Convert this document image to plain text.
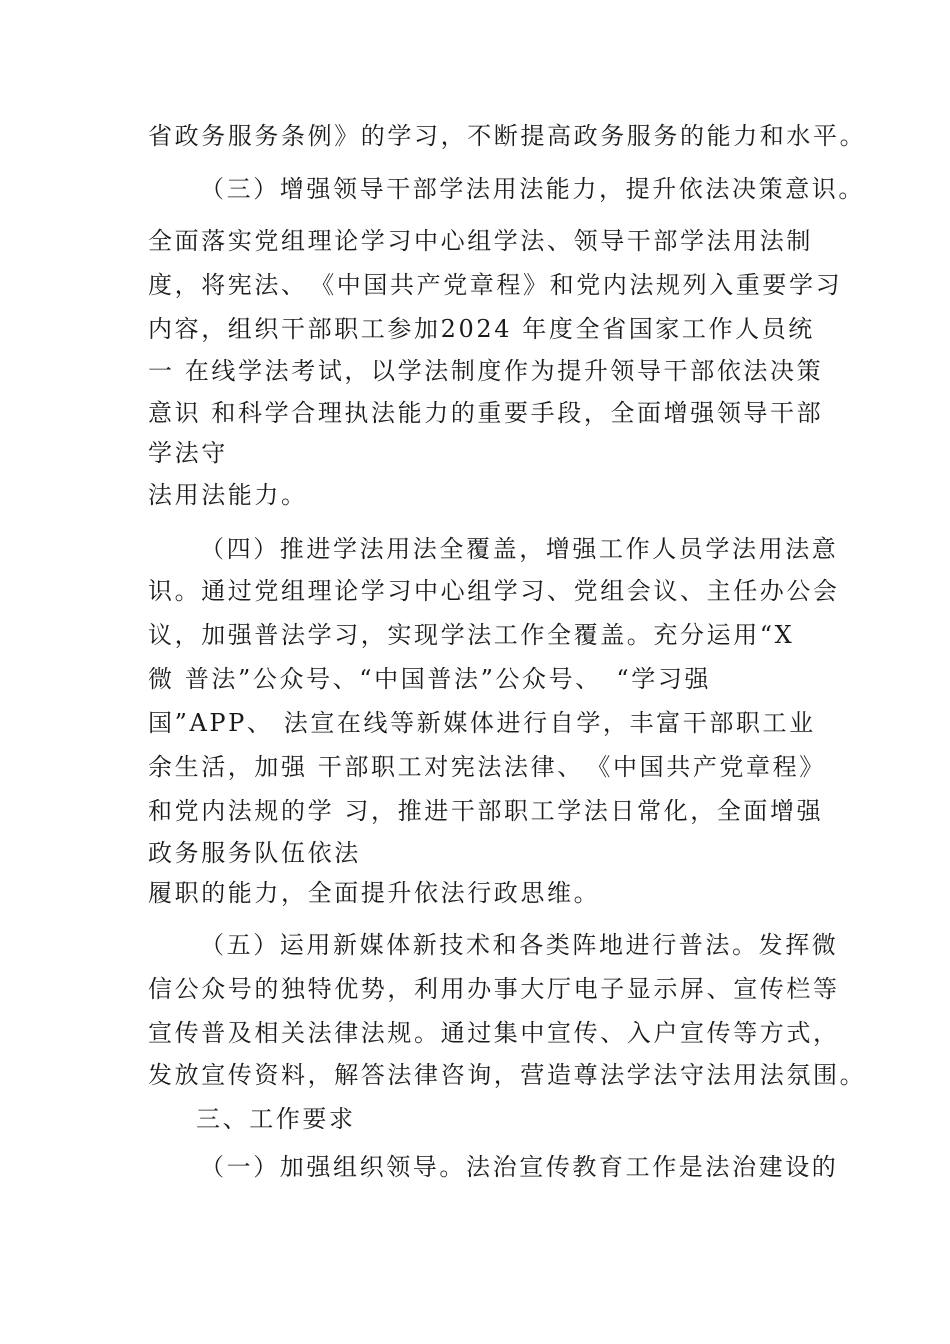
省政务服务条例》的学习，不断提高政务服务的能力和水平。
（三）增强领导干部学法用法能力，提升依法决策意识。
全面落实党组理论学习中心组学法、领导干部学法用法制
度，将宪法、　《中国共产党章程》和党内法规列入重要学习
内容，组织干部职工参加2024 年度全省国家工作人员统
一 在线学法考试，以学法制度作为提升领导干部依法决策
意识 和科学合理执法能力的重要手段，全面增强领导干部
学法守
法用法能力。
（四）推进学法用法全覆盖，增强工作人员学法用法意
识。通过党组理论学习中心组学习、党组会议、主任办公会
议，加强普法学习，实现学法工作全覆盖。充分运用“X
微 普法”公众号、“中国普法”公众号、　“学习强
国”APP、 法宣在线等新媒体进行自学，丰富干部职工业
余生活，加强 干部职工对宪法法律、　《中国共产党章程》
和党内法规的学 习，推进干部职工学法日常化，全面增强
政务服务队伍依法
履职的能力，全面提升依法行政思维。
（五）运用新媒体新技术和各类阵地进行普法。发挥微
信公众号的独特优势，利用办事大厅电子显示屏、宣传栏等
宣传普及相关法律法规。通过集中宣传、入户宣传等方式，
发放宣传资料，解答法律咨询，营造尊法学法守法用法氛围。
三、工作要求
（一）加强组织领导。法治宣传教育工作是法治建设的
